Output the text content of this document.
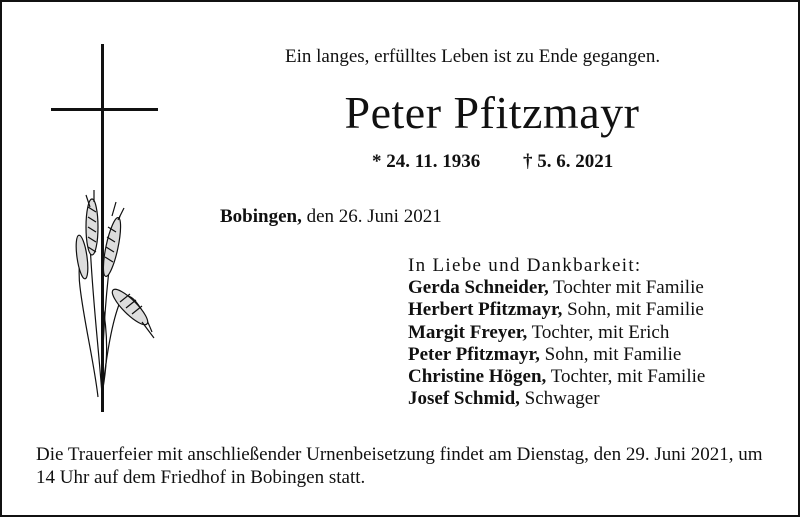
Ein langes, erfülltes Leben ist zu Ende gegangen.
Peter Pfitzmayr
* 24. 11. 1936 † 5. 6. 2021
Bobingen, den 26. Juni 2021
In Liebe und Dankbarkeit:
Gerda Schneider, Tochter mit Familie
Herbert Pfitzmayr, Sohn, mit Familie
Margit Freyer, Tochter, mit Erich
Peter Pfitzmayr, Sohn, mit Familie
Christine Högen, Tochter, mit Familie
Josef Schmid, Schwager
Die Trauerfeier mit anschließender Urnenbeisetzung findet am Dienstag, den 29. Juni 2021, um 14 Uhr auf dem Friedhof in Bobingen statt.
